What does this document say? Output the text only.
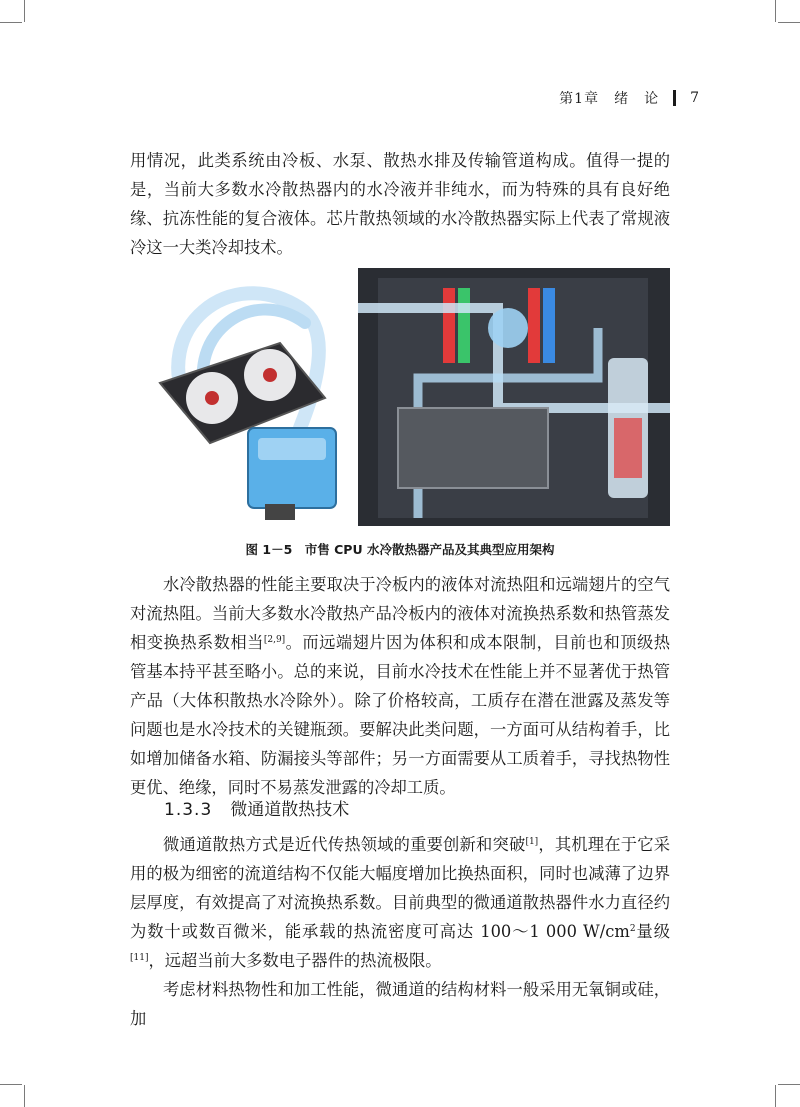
第1章　绪　论 7

用情况，此类系统由冷板、水泵、散热水排及传输管道构成。值得一提的是，当前大多数水冷散热器内的水冷液并非纯水，而为特殊的具有良好绝缘、抗冻性能的复合液体。芯片散热领域的水冷散热器实际上代表了常规液冷这一大类冷却技术。

图 1－5　市售 CPU 水冷散热器产品及其典型应用架构

水冷散热器的性能主要取决于冷板内的液体对流热阻和远端翅片的空气对流热阻。当前大多数水冷散热产品冷板内的液体对流换热系数和热管蒸发相变换热系数相当[2,9]。而远端翅片因为体积和成本限制，目前也和顶级热管基本持平甚至略小。总的来说，目前水冷技术在性能上并不显著优于热管产品（大体积散热水冷除外）。除了价格较高，工质存在潜在泄露及蒸发等问题也是水冷技术的关键瓶颈。要解决此类问题，一方面可从结构着手，比如增加储备水箱、防漏接头等部件；另一方面需要从工质着手，寻找热物性更优、绝缘，同时不易蒸发泄露的冷却工质。

1.3.3 微通道散热技术

微通道散热方式是近代传热领域的重要创新和突破[1]，其机理在于它采用的极为细密的流道结构不仅能大幅度增加比换热面积，同时也减薄了边界层厚度，有效提高了对流换热系数。目前典型的微通道散热器件水力直径约为数十或数百微米，能承载的热流密度可高达 100～1 000 $W/cm^2$量级[11]，远超当前大多数电子器件的热流极限。

考虑材料热物性和加工性能，微通道的结构材料一般采用无氧铜或硅，加
